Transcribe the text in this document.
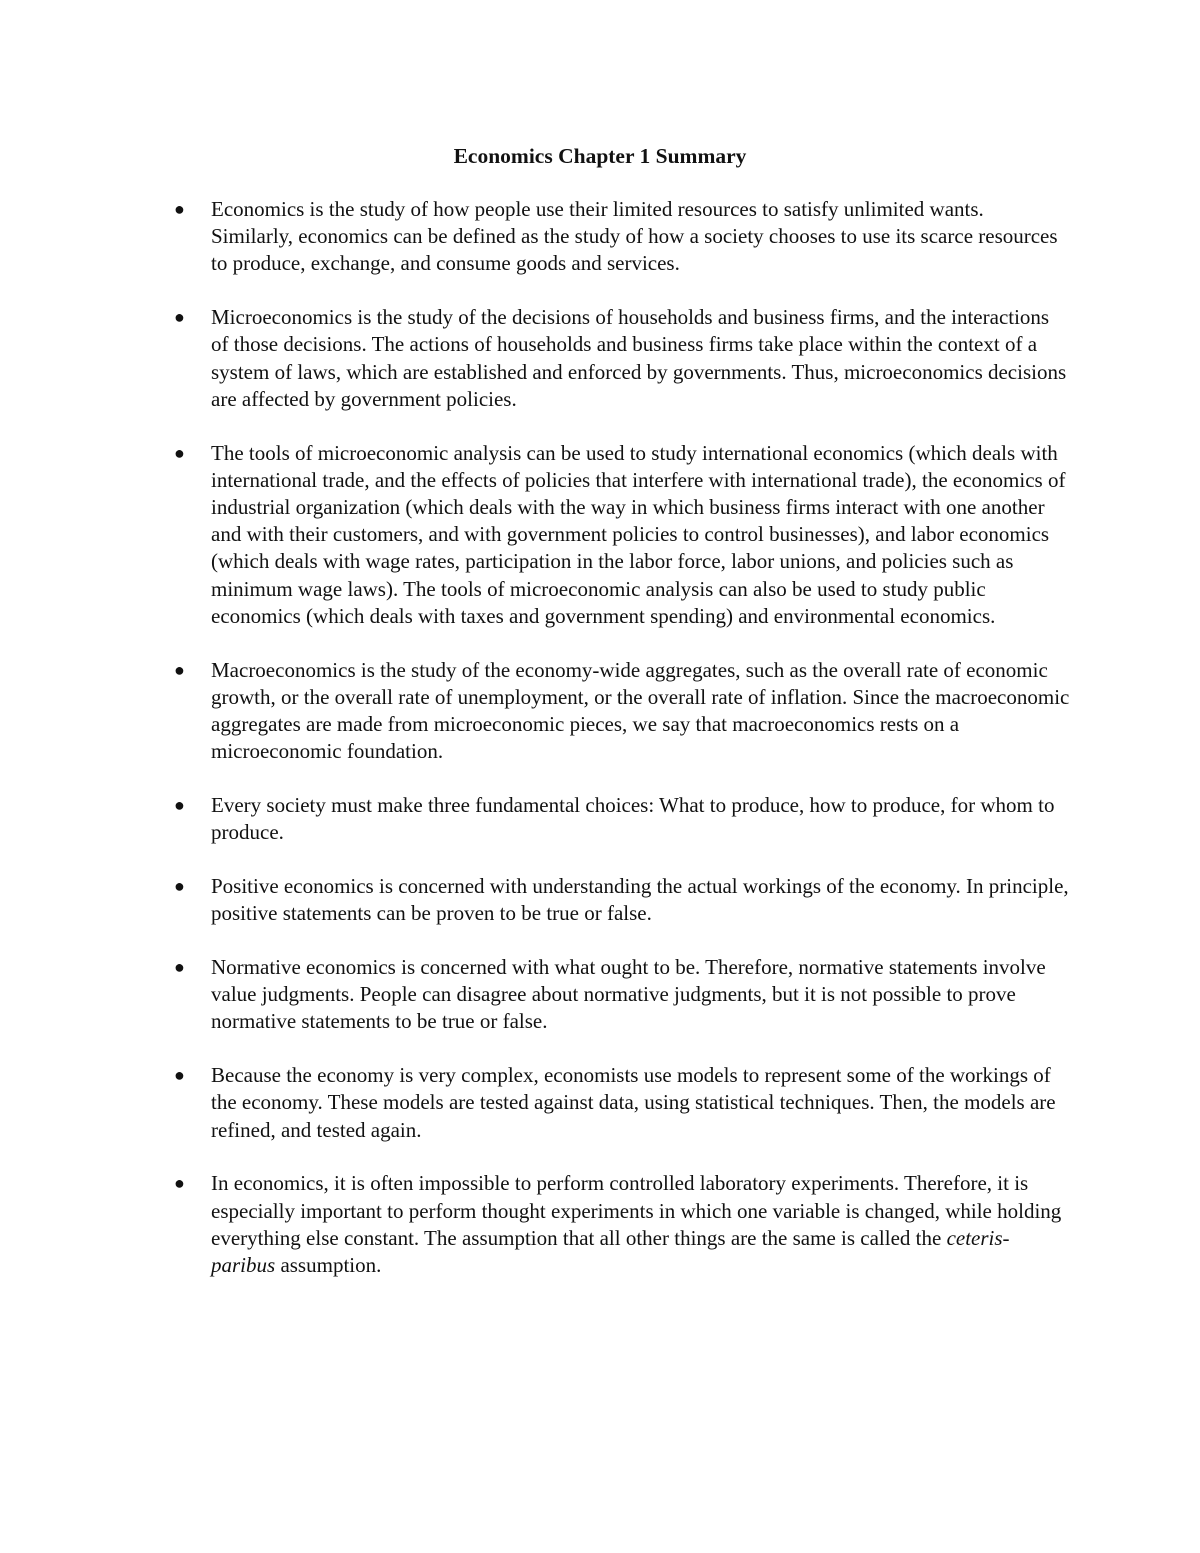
Economics Chapter 1 Summary
● Economics is the study of how people use their limited resources to satisfy unlimited wants. Similarly, economics can be defined as the study of how a society chooses to use its scarce resources to produce, exchange, and consume goods and services.
● Microeconomics is the study of the decisions of households and business firms, and the interactions of those decisions. The actions of households and business firms take place within the context of a system of laws, which are established and enforced by governments. Thus, microeconomics decisions are affected by government policies.
● The tools of microeconomic analysis can be used to study international economics (which deals with international trade, and the effects of policies that interfere with international trade), the economics of industrial organization (which deals with the way in which business firms interact with one another and with their customers, and with government policies to control businesses), and labor economics (which deals with wage rates, participation in the labor force, labor unions, and policies such as minimum wage laws). The tools of microeconomic analysis can also be used to study public economics (which deals with taxes and government spending) and environmental economics.
● Macroeconomics is the study of the economy-wide aggregates, such as the overall rate of economic growth, or the overall rate of unemployment, or the overall rate of inflation. Since the macroeconomic aggregates are made from microeconomic pieces, we say that macroeconomics rests on a microeconomic foundation.
● Every society must make three fundamental choices: What to produce, how to produce, for whom to produce.
● Positive economics is concerned with understanding the actual workings of the economy. In principle, positive statements can be proven to be true or false.
● Normative economics is concerned with what ought to be. Therefore, normative statements involve value judgments. People can disagree about normative judgments, but it is not possible to prove normative statements to be true or false.
● Because the economy is very complex, economists use models to represent some of the workings of the economy. These models are tested against data, using statistical techniques. Then, the models are refined, and tested again.
● In economics, it is often impossible to perform controlled laboratory experiments. Therefore, it is especially important to perform thought experiments in which one variable is changed, while holding everything else constant. The assumption that all other things are the same is called the ceteris-paribus assumption.
